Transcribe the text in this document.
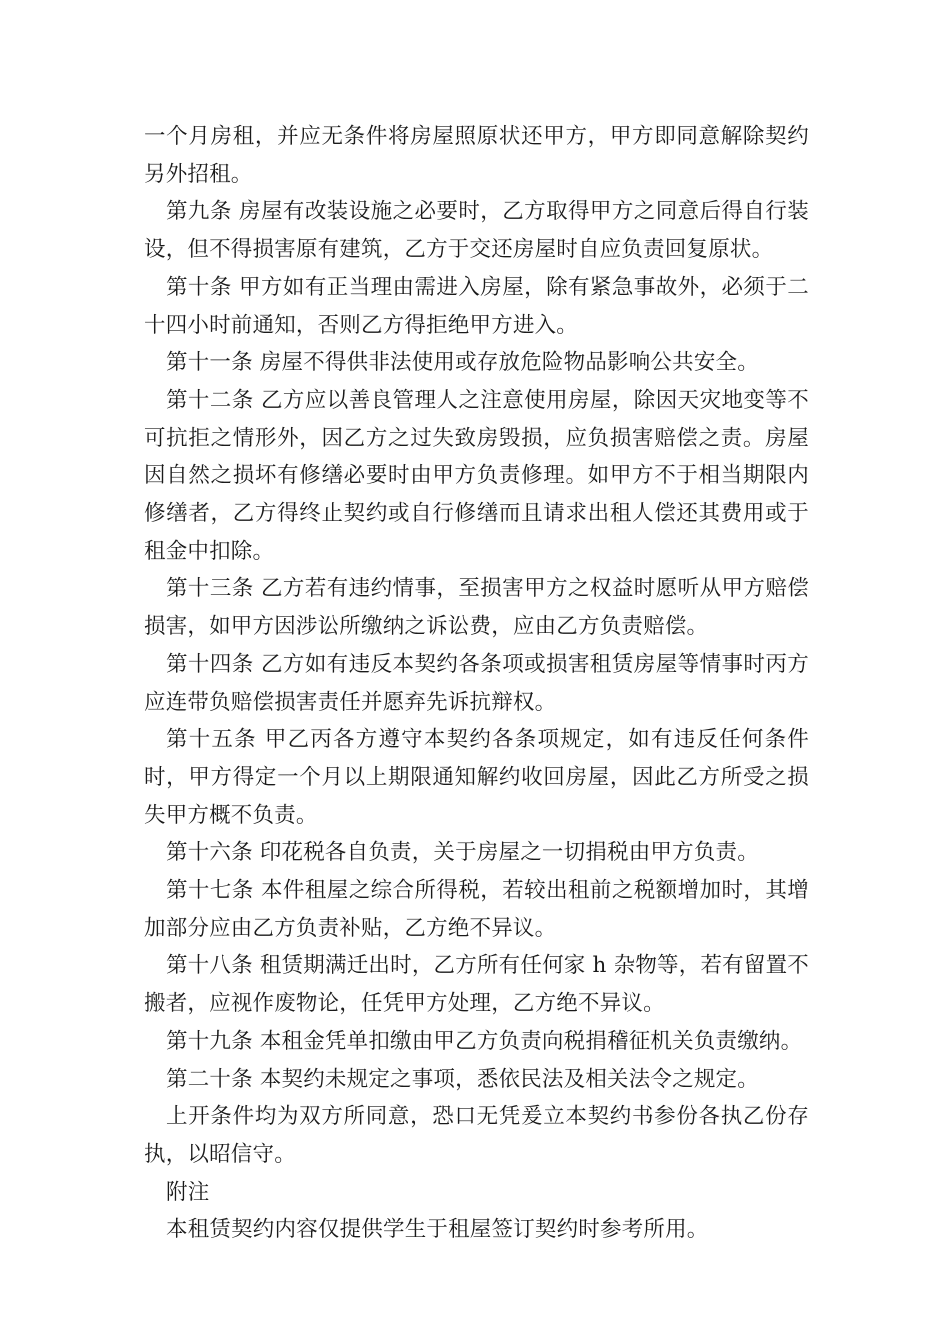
一个月房租，并应无条件将房屋照原状还甲方，甲方即同意解除契约另外招租。

第九条 房屋有改装设施之必要时，乙方取得甲方之同意后得自行装设，但不得损害原有建筑，乙方于交还房屋时自应负责回复原状。

第十条 甲方如有正当理由需进入房屋，除有紧急事故外，必须于二十四小时前通知，否则乙方得拒绝甲方进入。

第十一条 房屋不得供非法使用或存放危险物品影响公共安全。

第十二条 乙方应以善良管理人之注意使用房屋，除因天灾地变等不可抗拒之情形外，因乙方之过失致房毁损，应负损害赔偿之责。房屋因自然之损坏有修缮必要时由甲方负责修理。如甲方不于相当期限内修缮者，乙方得终止契约或自行修缮而且请求出租人偿还其费用或于租金中扣除。

第十三条 乙方若有违约情事，至损害甲方之权益时愿听从甲方赔偿损害，如甲方因涉讼所缴纳之诉讼费，应由乙方负责赔偿。

第十四条 乙方如有违反本契约各条项或损害租赁房屋等情事时丙方应连带负赔偿损害责任并愿弃先诉抗辩权。

第十五条 甲乙丙各方遵守本契约各条项规定，如有违反任何条件时，甲方得定一个月以上期限通知解约收回房屋，因此乙方所受之损失甲方概不负责。

第十六条 印花税各自负责，关于房屋之一切捐税由甲方负责。

第十七条 本件租屋之综合所得税，若较出租前之税额增加时，其增加部分应由乙方负责补贴，乙方绝不异议。

第十八条 租赁期满迁出时，乙方所有任何家 h 杂物等，若有留置不搬者，应视作废物论，任凭甲方处理，乙方绝不异议。

第十九条 本租金凭单扣缴由甲乙方负责向税捐稽征机关负责缴纳。

第二十条 本契约未规定之事项，悉依民法及相关法令之规定。

上开条件均为双方所同意，恐口无凭爰立本契约书参份各执乙份存执，以昭信守。

附注

本租赁契约内容仅提供学生于租屋签订契约时参考所用。
